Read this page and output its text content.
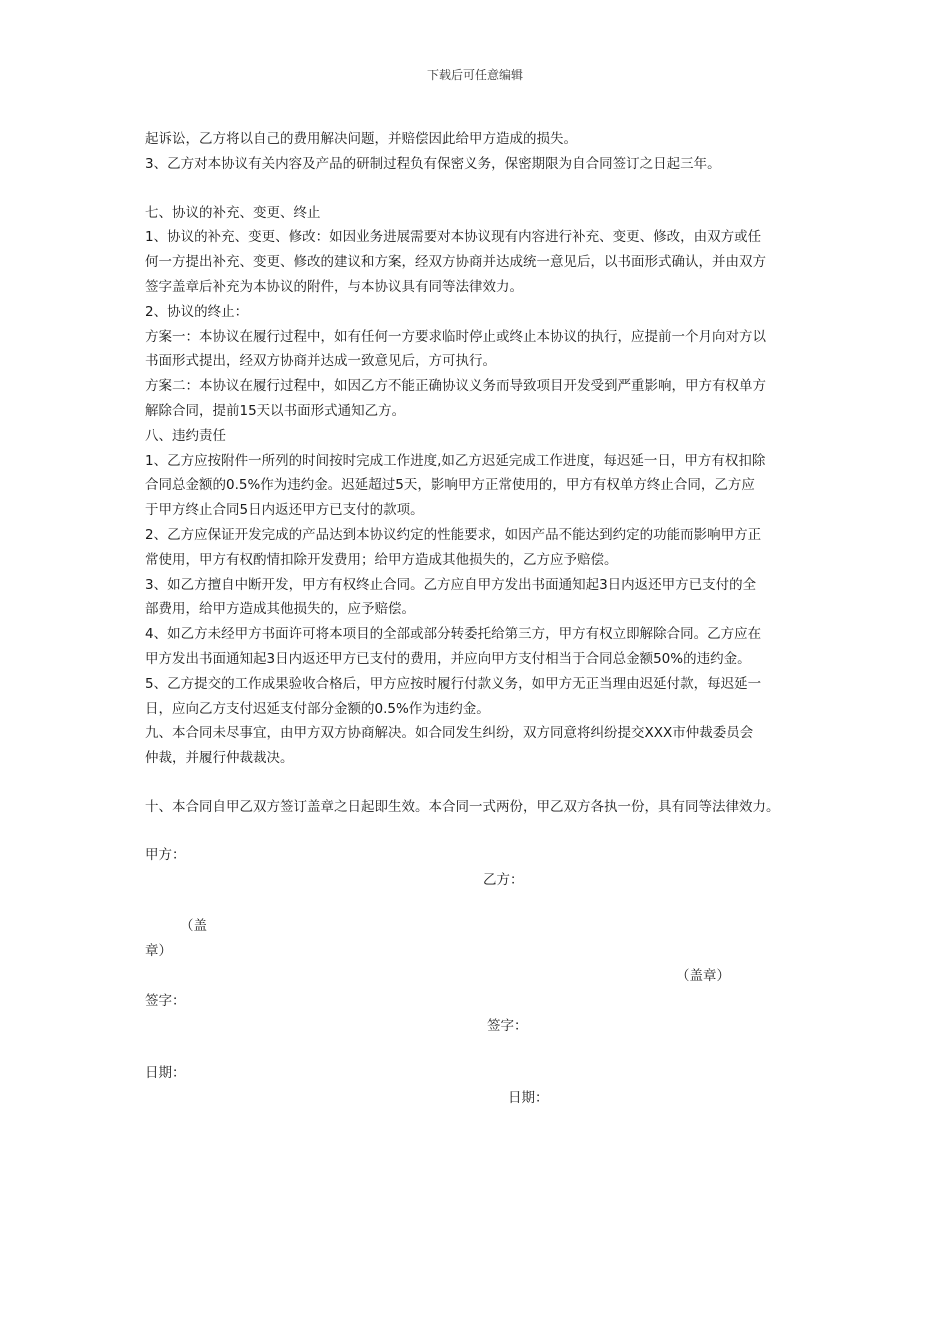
下载后可任意编辑

起诉讼，乙方将以自己的费用解决问题，并赔偿因此给甲方造成的损失。

3、乙方对本协议有关内容及产品的研制过程负有保密义务，保密期限为自合同签订之日起三年。

七、协议的补充、变更、终止

1、协议的补充、变更、修改：如因业务进展需要对本协议现有内容进行补充、变更、修改，由双方或任

何一方提出补充、变更、修改的建议和方案，经双方协商并达成统一意见后，以书面形式确认，并由双方

签字盖章后补充为本协议的附件，与本协议具有同等法律效力。

2、协议的终止：

方案一：本协议在履行过程中，如有任何一方要求临时停止或终止本协议的执行，应提前一个月向对方以

书面形式提出，经双方协商并达成一致意见后，方可执行。

方案二：本协议在履行过程中，如因乙方不能正确协议义务而导致项目开发受到严重影响，甲方有权单方

解除合同，提前15天以书面形式通知乙方。

八、违约责任

1、乙方应按附件一所列的时间按时完成工作进度,如乙方迟延完成工作进度，每迟延一日，甲方有权扣除

合同总金额的0.5%作为违约金。迟延超过5天，影响甲方正常使用的，甲方有权单方终止合同，乙方应

于甲方终止合同5日内返还甲方已支付的款项。

2、乙方应保证开发完成的产品达到本协议约定的性能要求，如因产品不能达到约定的功能而影响甲方正

常使用，甲方有权酌情扣除开发费用；给甲方造成其他损失的，乙方应予赔偿。

3、如乙方擅自中断开发，甲方有权终止合同。乙方应自甲方发出书面通知起3日内返还甲方已支付的全

部费用，给甲方造成其他损失的，应予赔偿。

4、如乙方未经甲方书面许可将本项目的全部或部分转委托给第三方，甲方有权立即解除合同。乙方应在

甲方发出书面通知起3日内返还甲方已支付的费用，并应向甲方支付相当于合同总金额50%的违约金。

5、乙方提交的工作成果验收合格后，甲方应按时履行付款义务，如甲方无正当理由迟延付款，每迟延一

日，应向乙方支付迟延支付部分金额的0.5%作为违约金。

九、本合同未尽事宜，由甲方双方协商解决。如合同发生纠纷，双方同意将纠纷提交XXX市仲裁委员会

仲裁，并履行仲裁裁决。

十、本合同自甲乙双方签订盖章之日起即生效。本合同一式两份，甲乙双方各执一份，具有同等法律效力。

甲方：
乙方：
（盖
章）
（盖章）
签字：
签字：
日期：
日期：
